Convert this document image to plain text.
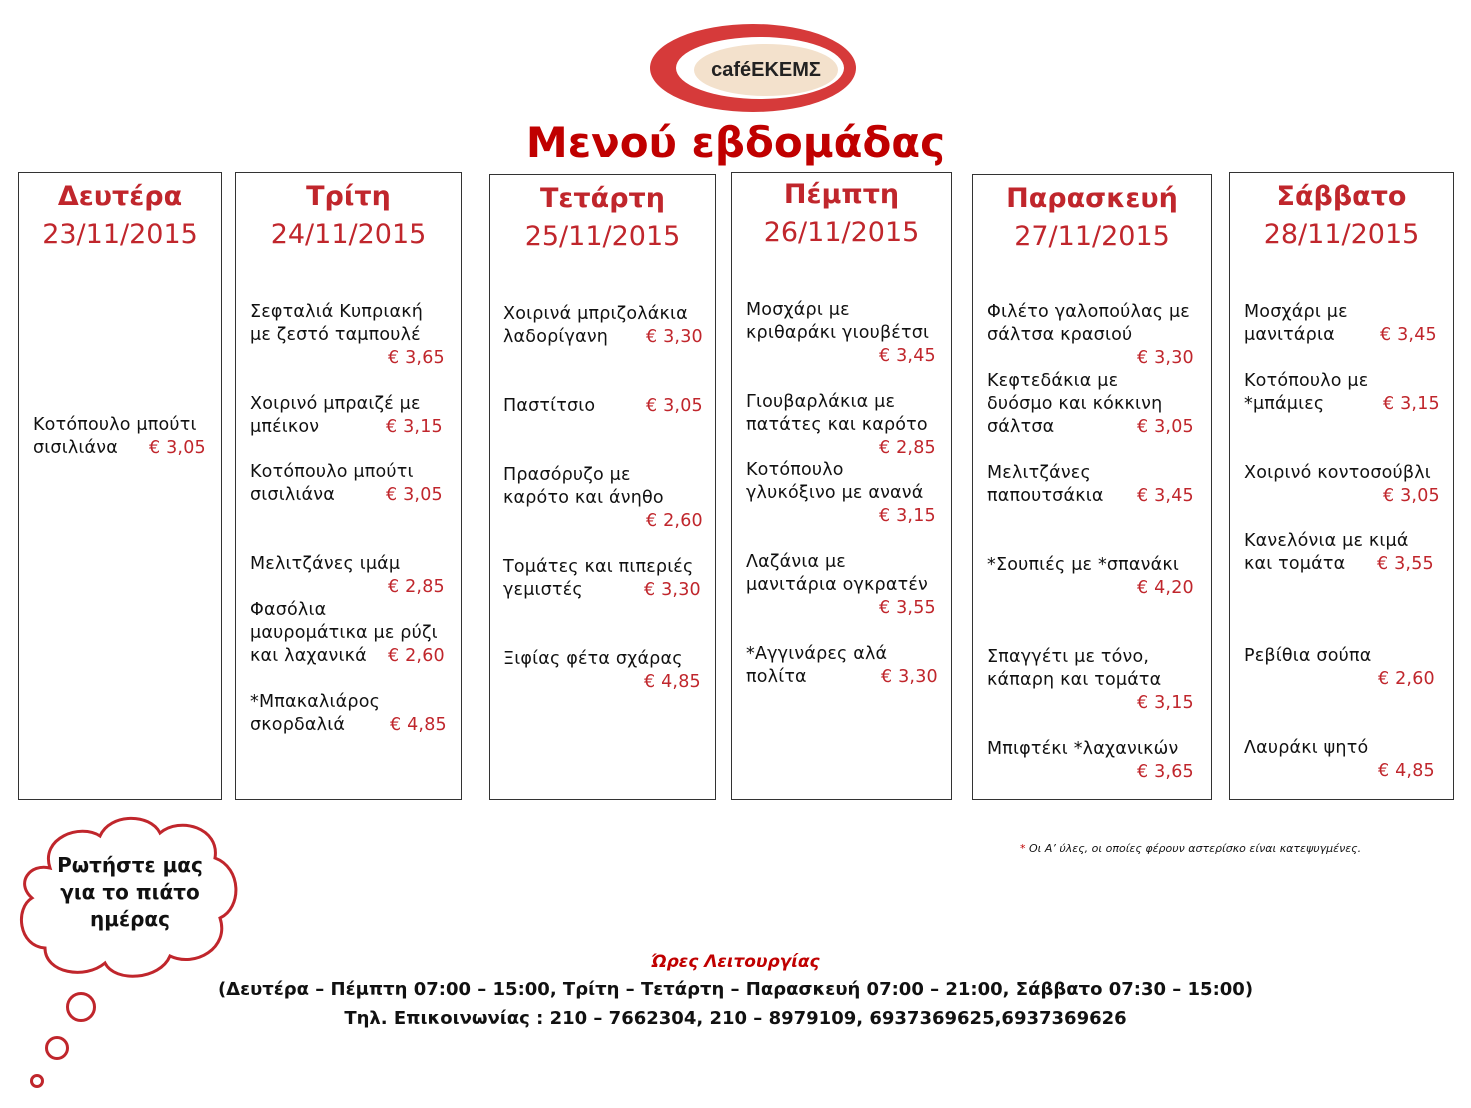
caféEKEMΣ
Μενού εβδομάδας
Δευτέρα
23/11/2015
Κοτόπουλο μπούτι
σισιλιάνα	€ 3,05
Τρίτη
24/11/2015
Σεφταλιά Κυπριακή
με ζεστό ταμπουλέ
€ 3,65
Χοιρινό μπραιζέ με
μπέικον	€ 3,15
Κοτόπουλο μπούτι
σισιλιάνα	€ 3,05
Μελιτζάνες ιμάμ
€ 2,85
Φασόλια
μαυρομάτικα με ρύζι
και λαχανικά	€ 2,60
*Μπακαλιάρος
σκορδαλιά	€ 4,85
Τετάρτη
25/11/2015
Χοιρινά μπριζολάκια
λαδορίγανη	€ 3,30
Παστίτσιο	€ 3,05
Πρασόρυζο με
καρότο και άνηθο
€ 2,60
Τομάτες και πιπεριές
γεμιστές	€ 3,30
Ξιφίας φέτα σχάρας
€ 4,85
Πέμπτη
26/11/2015
Μοσχάρι με
κριθαράκι γιουβέτσι
€ 3,45
Γιουβαρλάκια με
πατάτες και καρότο
€ 2,85
Κοτόπουλο
γλυκόξινο με ανανά
€ 3,15
Λαζάνια με
μανιτάρια ογκρατέν
€ 3,55
*Αγγινάρες αλά
πολίτα	€ 3,30
Παρασκευή
27/11/2015
Φιλέτο γαλοπούλας με
σάλτσα κρασιού
€ 3,30
Κεφτεδάκια με
δυόσμο και κόκκινη
σάλτσα	€ 3,05
Μελιτζάνες
παπουτσάκια € 3,45
*Σουπιές με *σπανάκι
€ 4,20
Σπαγγέτι με τόνο,
κάπαρη και τομάτα
€ 3,15
Μπιφτέκι *λαχανικών
€ 3,65
Σάββατο
28/11/2015
Μοσχάρι με
μανιτάρια	€ 3,45
Κοτόπουλο με
*μπάμιες	€ 3,15
Χοιρινό κοντοσούβλι
€ 3,05
Κανελόνια με κιμά
και τομάτα	€ 3,55
Ρεβίθια σούπα
€ 2,60
Λαυράκι ψητό
€ 4,85
Ρωτήστε μας
για το πιάτο
ημέρας
* Οι Α’ ύλες, οι οποίες φέρουν αστερίσκο είναι κατεψυγμένες.
Ώρες Λειτουργίας
(Δευτέρα – Πέμπτη 07:00 – 15:00, Τρίτη – Τετάρτη – Παρασκευή 07:00 – 21:00, Σάββατο 07:30 – 15:00)
Τηλ. Επικοινωνίας : 210 – 7662304, 210 – 8979109, 6937369625,6937369626
